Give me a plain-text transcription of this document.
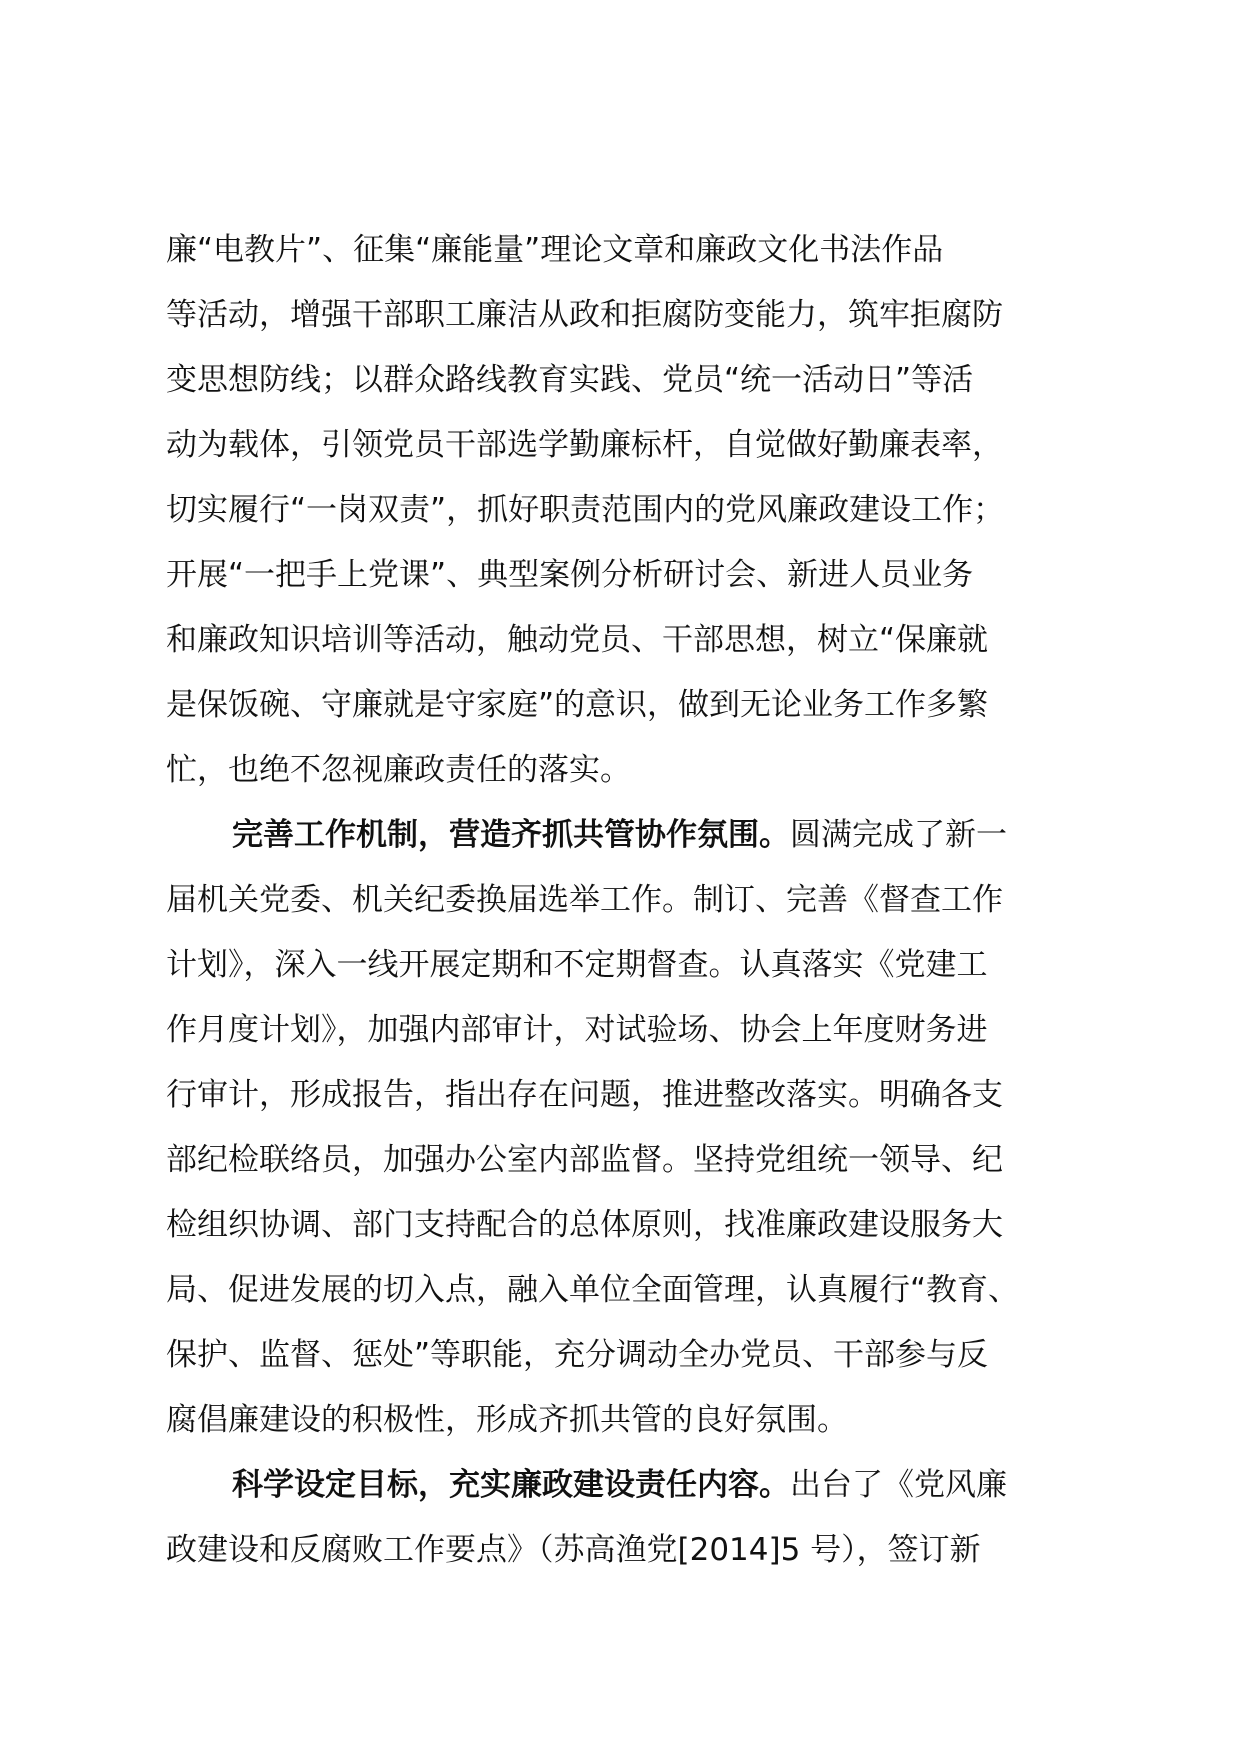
廉“电教片”、征集“廉能量”理论文章和廉政文化书法作品
等活动，增强干部职工廉洁从政和拒腐防变能力，筑牢拒腐防
变思想防线；以群众路线教育实践、党员“统一活动日”等活
动为载体，引领党员干部选学勤廉标杆，自觉做好勤廉表率，
切实履行“一岗双责”，抓好职责范围内的党风廉政建设工作；
开展“一把手上党课”、典型案例分析研讨会、新进人员业务
和廉政知识培训等活动，触动党员、干部思想，树立“保廉就
是保饭碗、守廉就是守家庭”的意识，做到无论业务工作多繁
忙，也绝不忽视廉政责任的落实。
完善工作机制，营造齐抓共管协作氛围。圆满完成了新一
届机关党委、机关纪委换届选举工作。制订、完善《督查工作
计划》，深入一线开展定期和不定期督查。认真落实《党建工
作月度计划》，加强内部审计，对试验场、协会上年度财务进
行审计，形成报告，指出存在问题，推进整改落实。明确各支
部纪检联络员，加强办公室内部监督。坚持党组统一领导、纪
检组织协调、部门支持配合的总体原则，找准廉政建设服务大
局、促进发展的切入点，融入单位全面管理，认真履行“教育、
保护、监督、惩处”等职能，充分调动全办党员、干部参与反
腐倡廉建设的积极性，形成齐抓共管的良好氛围。
科学设定目标，充实廉政建设责任内容。出台了《党风廉
政建设和反腐败工作要点》（苏高渔党[2014]5 号），签订新
